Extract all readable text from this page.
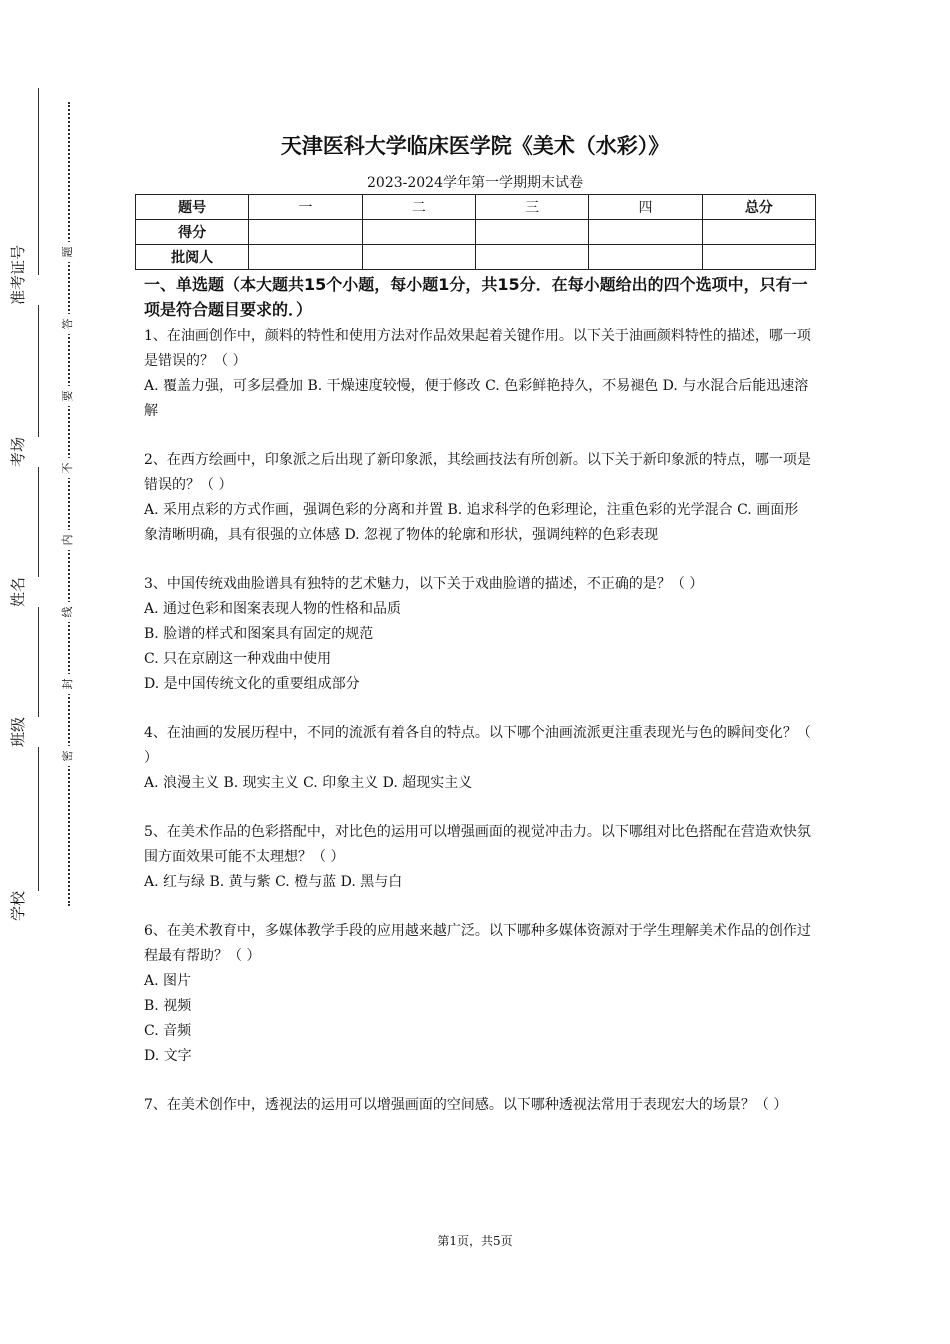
准考证号
考场
姓名
班级
学校
题
答
要
不
内
线
封
密
天津医科大学临床医学院《美术（水彩）》
2023-2024学年第一学期期末试卷
题号	一	二	三	四	总分
得分					
批阅人					
一、单选题（本大题共15个小题，每小题1分，共15分．在每小题给出的四个选项中，只有一项是符合题目要求的．）

1、在油画创作中，颜料的特性和使用方法对作品效果起着关键作用。以下关于油画颜料特性的描述，哪一项是错误的？（ ）

A. 覆盖力强，可多层叠加 B. 干燥速度较慢，便于修改 C. 色彩鲜艳持久，不易褪色 D. 与水混合后能迅速溶解

2、在西方绘画中，印象派之后出现了新印象派，其绘画技法有所创新。以下关于新印象派的特点，哪一项是错误的？（ ）

A. 采用点彩的方式作画，强调色彩的分离和并置 B. 追求科学的色彩理论，注重色彩的光学混合 C. 画面形象清晰明确，具有很强的立体感 D. 忽视了物体的轮廓和形状，强调纯粹的色彩表现

3、中国传统戏曲脸谱具有独特的艺术魅力，以下关于戏曲脸谱的描述，不正确的是？（ ）

A. 通过色彩和图案表现人物的性格和品质

B. 脸谱的样式和图案具有固定的规范

C. 只在京剧这一种戏曲中使用

D. 是中国传统文化的重要组成部分

4、在油画的发展历程中，不同的流派有着各自的特点。以下哪个油画流派更注重表现光与色的瞬间变化？（ ）

A. 浪漫主义 B. 现实主义 C. 印象主义 D. 超现实主义

5、在美术作品的色彩搭配中，对比色的运用可以增强画面的视觉冲击力。以下哪组对比色搭配在营造欢快氛围方面效果可能不太理想？（ ）

A. 红与绿 B. 黄与紫 C. 橙与蓝 D. 黑与白

6、在美术教育中，多媒体教学手段的应用越来越广泛。以下哪种多媒体资源对于学生理解美术作品的创作过程最有帮助？（ ）

A. 图片

B. 视频

C. 音频

D. 文字

7、在美术创作中，透视法的运用可以增强画面的空间感。以下哪种透视法常用于表现宏大的场景？（ ）

第1页，共5页
